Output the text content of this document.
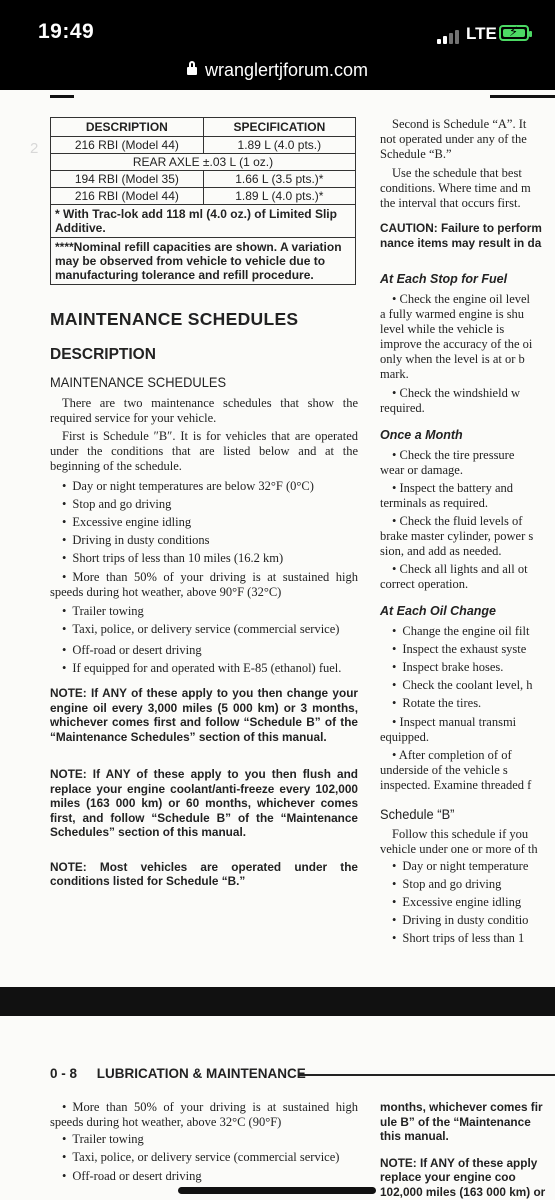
19:49	LTE ⚡
wranglertjforum.com
2
DESCRIPTION	SPECIFICATION
216 RBI (Model 44)	1.89 L (4.0 pts.)
REAR AXLE ±.03 L (1 oz.)	
194 RBI (Model 35)	1.66 L (3.5 pts.)*
216 RBI (Model 44)	1.89 L (4.0 pts.)*
* With Trac-lok add 118 ml (4.0 oz.) of Limited Slip Additive.	
****Nominal refill capacities are shown. A variation may be observed from vehicle to vehicle due to manufacturing tolerance and refill procedure.	
MAINTENANCE SCHEDULES
DESCRIPTION
MAINTENANCE SCHEDULES

There are two maintenance schedules that show the required service for your vehicle.

First is Schedule ″B″. It is for vehicles that are operated under the conditions that are listed below and at the beginning of the schedule.

• Day or night temperatures are below 32°F (0°C)

• Stop and go driving

• Excessive engine idling

• Driving in dusty conditions

• Short trips of less than 10 miles (16.2 km)

• More than 50% of your driving is at sustained high speeds during hot weather, above 90°F (32°C)

• Trailer towing

• Taxi, police, or delivery service (commercial service)

• Off-road or desert driving

• If equipped for and operated with E-85 (ethanol) fuel.

NOTE: If ANY of these apply to you then change your engine oil every 3,000 miles (5 000 km) or 3 months, whichever comes first and follow “Schedule B” of the “Maintenance Schedules” section of this manual.

NOTE: If ANY of these apply to you then flush and replace your engine coolant/anti-freeze every 102,000 miles (163 000 km) or 60 months, whichever comes first, and follow “Schedule B” of the “Maintenance Schedules” section of this manual.

NOTE: Most vehicles are operated under the conditions listed for Schedule “B.”

Second is Schedule “A”. It
not operated under any of the
Schedule “B.”
Use the schedule that best
conditions. Where time and m
the interval that occurs first.
CAUTION: Failure to perform
nance items may result in da
At Each Stop for Fuel
• Check the engine oil level
a fully warmed engine is shu
level while the vehicle is
improve the accuracy of the oi
only when the level is at or b
mark.
• Check the windshield w
required.
Once a Month
• Check the tire pressure
wear or damage.
• Inspect the battery and
terminals as required.
• Check the fluid levels of
brake master cylinder, power s
sion, and add as needed.
• Check all lights and all ot
correct operation.
At Each Oil Change

• Change the engine oil filt

• Inspect the exhaust syste

• Inspect brake hoses.

• Check the coolant level, h

• Rotate the tires.

• Inspect manual transmi
equipped.
• After completion of of
underside of the vehicle s
inspected. Examine threaded f
Schedule “B”
Follow this schedule if you
vehicle under one or more of th

• Day or night temperature

• Stop and go driving

• Excessive engine idling

• Driving in dusty conditio

• Short trips of less than 1

0 - 8 LUBRICATION & MAINTENANCE

• More than 50% of your driving is at sustained high speeds during hot weather, above 32°C (90°F)

• Trailer towing

• Taxi, police, or delivery service (commercial service)

• Off-road or desert driving

months, whichever comes fir
ule B” of the “Maintenance
this manual.
NOTE: If ANY of these apply
replace your engine coo
102,000 miles (163 000 km) or
